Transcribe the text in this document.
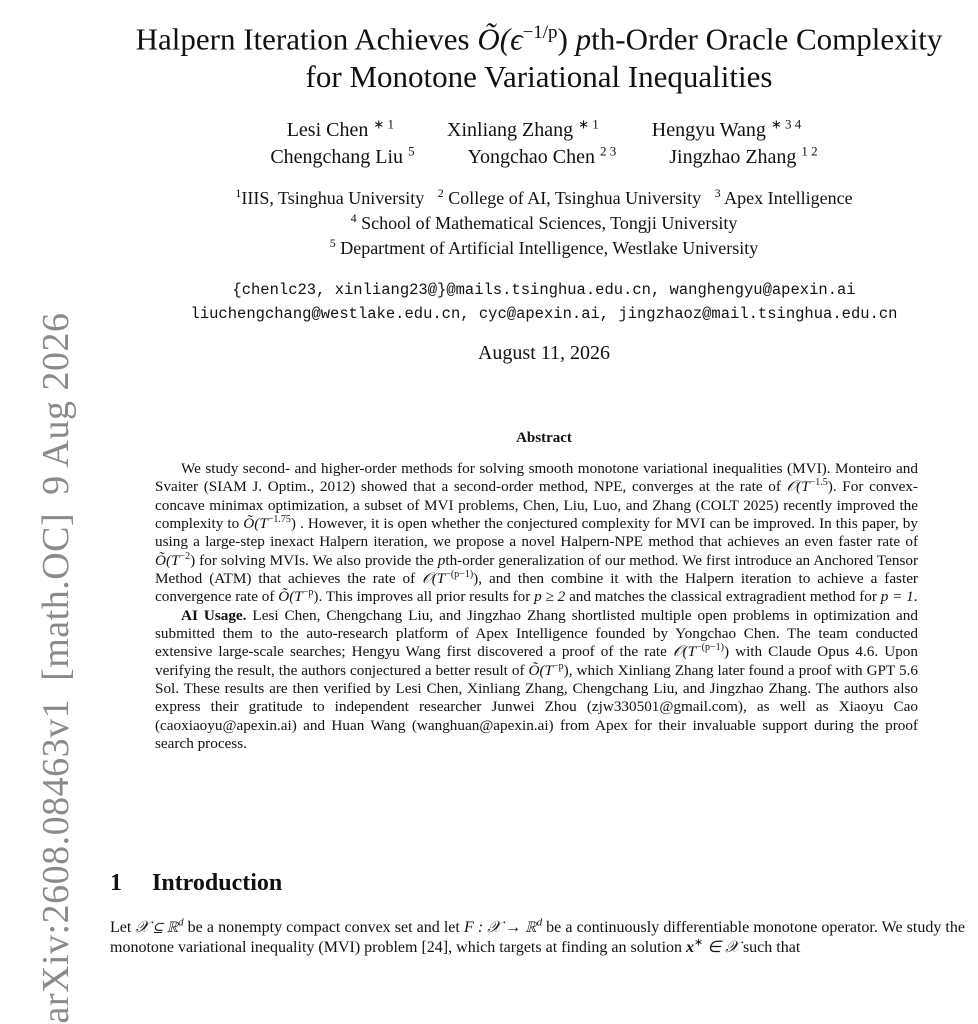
arXiv:2608.08463v1[math.OC]9 Aug 2026
Halpern Iteration Achieves $Õ(\epsilon^{-1/p})$ pth-Order Oracle Complexity
for Monotone Variational Inequalities
Lesi Chen $^{∗ 1}$	Xinliang Zhang $^{∗ 1}$	Hengyu Wang $^{∗ 3 4}$
Chengchang Liu $^5$	Yongchao Chen $^{2 3}$	Jingzhao Zhang $^{1 2}$
$^1$IIIS, Tsinghua University $^2$ College of AI, Tsinghua University $^3$ Apex Intelligence
$^4$ School of Mathematical Sciences, Tongji University
$^5$ Department of Artificial Intelligence, Westlake University
{chenlc23, xinliang23@}@mails.tsinghua.edu.cn, wanghengyu@apexin.ai
liuchengchang@westlake.edu.cn, cyc@apexin.ai, jingzhaoz@mail.tsinghua.edu.cn
August 11, 2026
Abstract

We study second- and higher-order methods for solving smooth monotone variational inequalities (MVI). Monteiro and Svaiter (SIAM J. Optim., 2012) showed that a second-order method, NPE, converges at the rate of $𝒪(T^{-1.5})$. For convex-concave minimax optimization, a subset of MVI problems, Chen, Liu, Luo, and Zhang (COLT 2025) recently improved the complexity to $Õ(T^{-1.75})$ . However, it is open whether the conjectured complexity for MVI can be improved. In this paper, by using a large-step inexact Halpern iteration, we propose a novel Halpern-NPE method that achieves an even faster rate of $Õ(T^{-2})$ for solving MVIs. We also provide the pth-order generalization of our method. We first introduce an Anchored Tensor Method (ATM) that achieves the rate of $𝒪(T^{-(p-1)})$, and then combine it with the Halpern iteration to achieve a faster convergence rate of $Õ(T^{-p})$. This improves all prior results for p ≥ 2 and matches the classical extragradient method for p = 1.

AI Usage. Lesi Chen, Chengchang Liu, and Jingzhao Zhang shortlisted multiple open problems in optimization and submitted them to the auto-research platform of Apex Intelligence founded by Yongchao Chen. The team conducted extensive large-scale searches; Hengyu Wang first discovered a proof of the rate $𝒪(T^{-(p-1)})$ with Claude Opus 4.6. Upon verifying the result, the authors conjectured a better result of $Õ(T^{-p})$, which Xinliang Zhang later found a proof with GPT 5.6 Sol. These results are then verified by Lesi Chen, Xinliang Zhang, Chengchang Liu, and Jingzhao Zhang. The authors also express their gratitude to independent researcher Junwei Zhou (zjw330501@gmail.com), as well as Xiaoyu Cao (caoxiaoyu@apexin.ai) and Huan Wang (wanghuan@apexin.ai) from Apex for their invaluable support during the proof search process.

1 Introduction

Let 𝒳 ⊆ ℝ$^d$ be a nonempty compact convex set and let F : 𝒳 → ℝ$^d$ be a continuously differentiable monotone operator. We study the monotone variational inequality (MVI) problem [24], which targets at finding an solution x∗ ∈ 𝒳 such that
